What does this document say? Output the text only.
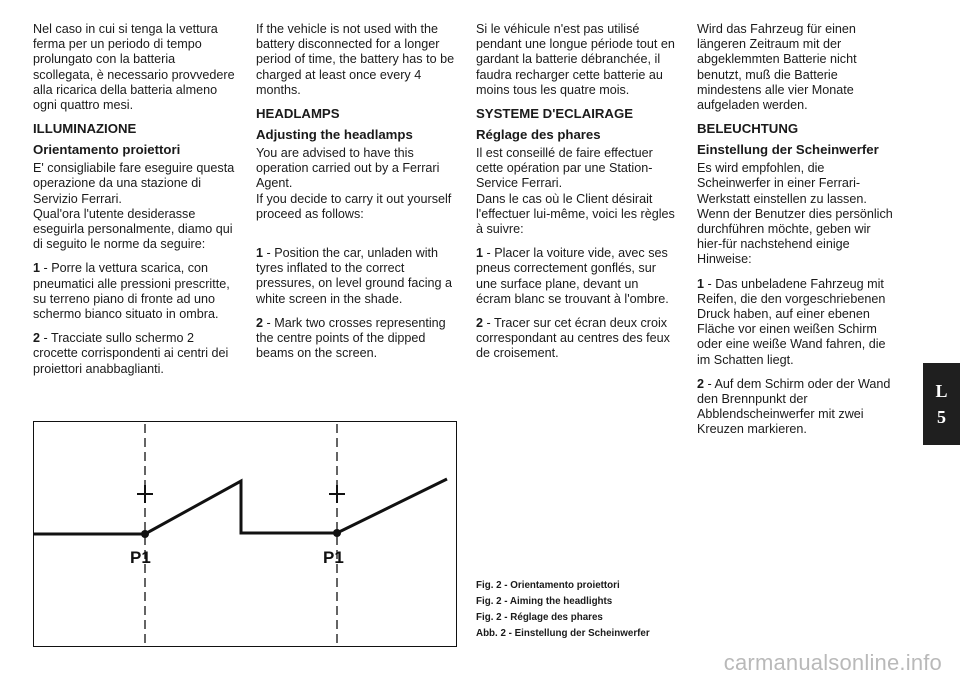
Nel caso in cui si tenga la vettura ferma per un periodo di tempo prolungato con la batteria scollegata, è necessario provvedere alla ricarica della batteria almeno ogni quattro mesi.

ILLUMINAZIONE

Orientamento proiettori

E' consigliabile fare eseguire questa operazione da una stazione di Servizio Ferrari.

Qual'ora l'utente desiderasse eseguirla personalmente, diamo qui di seguito le norme da seguire:

1 - Porre la vettura scarica, con pneumatici alle pressioni prescritte, su terreno piano di fronte ad uno schermo bianco situato in ombra.

2 - Tracciate sullo schermo 2 crocette corrispondenti ai centri dei proiettori anabbaglianti.

If the vehicle is not used with the battery disconnected for a longer period of time, the battery has to be charged at least once every 4 months.

HEADLAMPS

Adjusting the headlamps

You are advised to have this operation carried out by a Ferrari Agent.

If you decide to carry it out yourself proceed as follows:

1 - Position the car, unladen with tyres inflated to the correct pressures, on level ground facing a white screen in the shade.

2 - Mark two crosses representing the centre points of the dipped beams on the screen.

Si le véhicule n'est pas utilisé pendant une longue période tout en gardant la batterie débranchée, il faudra recharger cette batterie au moins tous les quatre mois.

SYSTEME D'ECLAIRAGE

Réglage des phares

Il est conseillé de faire effectuer cette opération par une Station-Service Ferrari.

Dans le cas où le Client désirait l'effectuer lui-même, voici les règles à suivre:

1 - Placer la voiture vide, avec ses pneus correctement gonflés, sur une surface plane, devant un écram blanc se trouvant à l'ombre.

2 - Tracer sur cet écran deux croix correspondant au centres des feux de croisement.

Wird das Fahrzeug für einen längeren Zeitraum mit der abgeklemmten Batterie nicht benutzt, muß die Batterie mindestens alle vier Monate aufgeladen werden.

BELEUCHTUNG

Einstellung der Scheinwerfer

Es wird empfohlen, die Scheinwerfer in einer Ferrari-Werkstatt einstellen zu lassen.

Wenn der Benutzer dies persönlich durchführen möchte, geben wir hier-für nachstehend einige Hinweise:

1 - Das unbeladene Fahrzeug mit Reifen, die den vorgeschriebenen Druck haben, auf einer ebenen Fläche vor einen weißen Schirm oder eine weiße Wand fahren, die im Schatten liegt.

2 - Auf dem Schirm oder der Wand den Brennpunkt der Abblendscheinwerfer mit zwei Kreuzen markieren.

L
5
P1	P1
Fig. 2 - Orientamento proiettori
Fig. 2 - Aiming the headlights
Fig. 2 - Réglage des phares
Abb. 2 - Einstellung der Scheinwerfer
carmanualsonline.info
